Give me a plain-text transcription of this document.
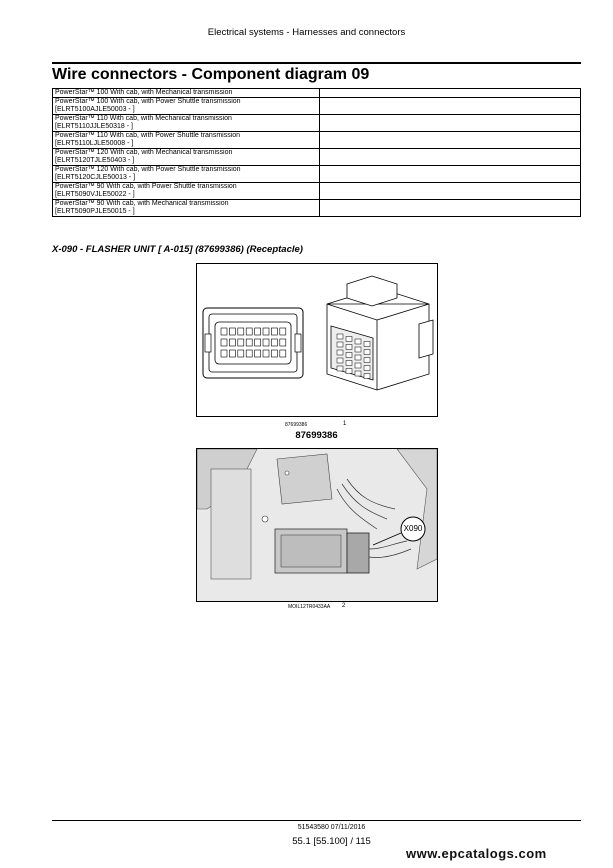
Electrical systems - Harnesses and connectors
Wire connectors - Component diagram 09
PowerStar™ 100 With cab, with Mechanical transmission	

PowerStar™ 100 With cab, with Power Shuttle transmission
[ELRT5100AJLE50003 - ]	

PowerStar™ 110 With cab, with Mechanical transmission
[ELRT5110JJLE50318 - ]	

PowerStar™ 110 With cab, with Power Shuttle transmission
[ELRT5110LJLE50008 - ]	

PowerStar™ 120 With cab, with Mechanical transmission
[ELRT5120TJLE50403 - ]	

PowerStar™ 120 With cab, with Power Shuttle transmission
[ELRT5120CJLE50013 - ]	

PowerStar™ 90 With cab, with Power Shuttle transmission
[ELRT5090VJLE50022 - ]	

PowerStar™ 90 With cab, with Mechanical transmission
[ELRT5090PJLE50015 - ]	

X-090 - FLASHER UNIT [ A-015] (87699386) (Receptacle)
87699386	1
87699386
X090
MOIL12TR0433AA 2
51543580 07/11/2016
55.1 [55.100] / 115
www.epcatalogs.com
